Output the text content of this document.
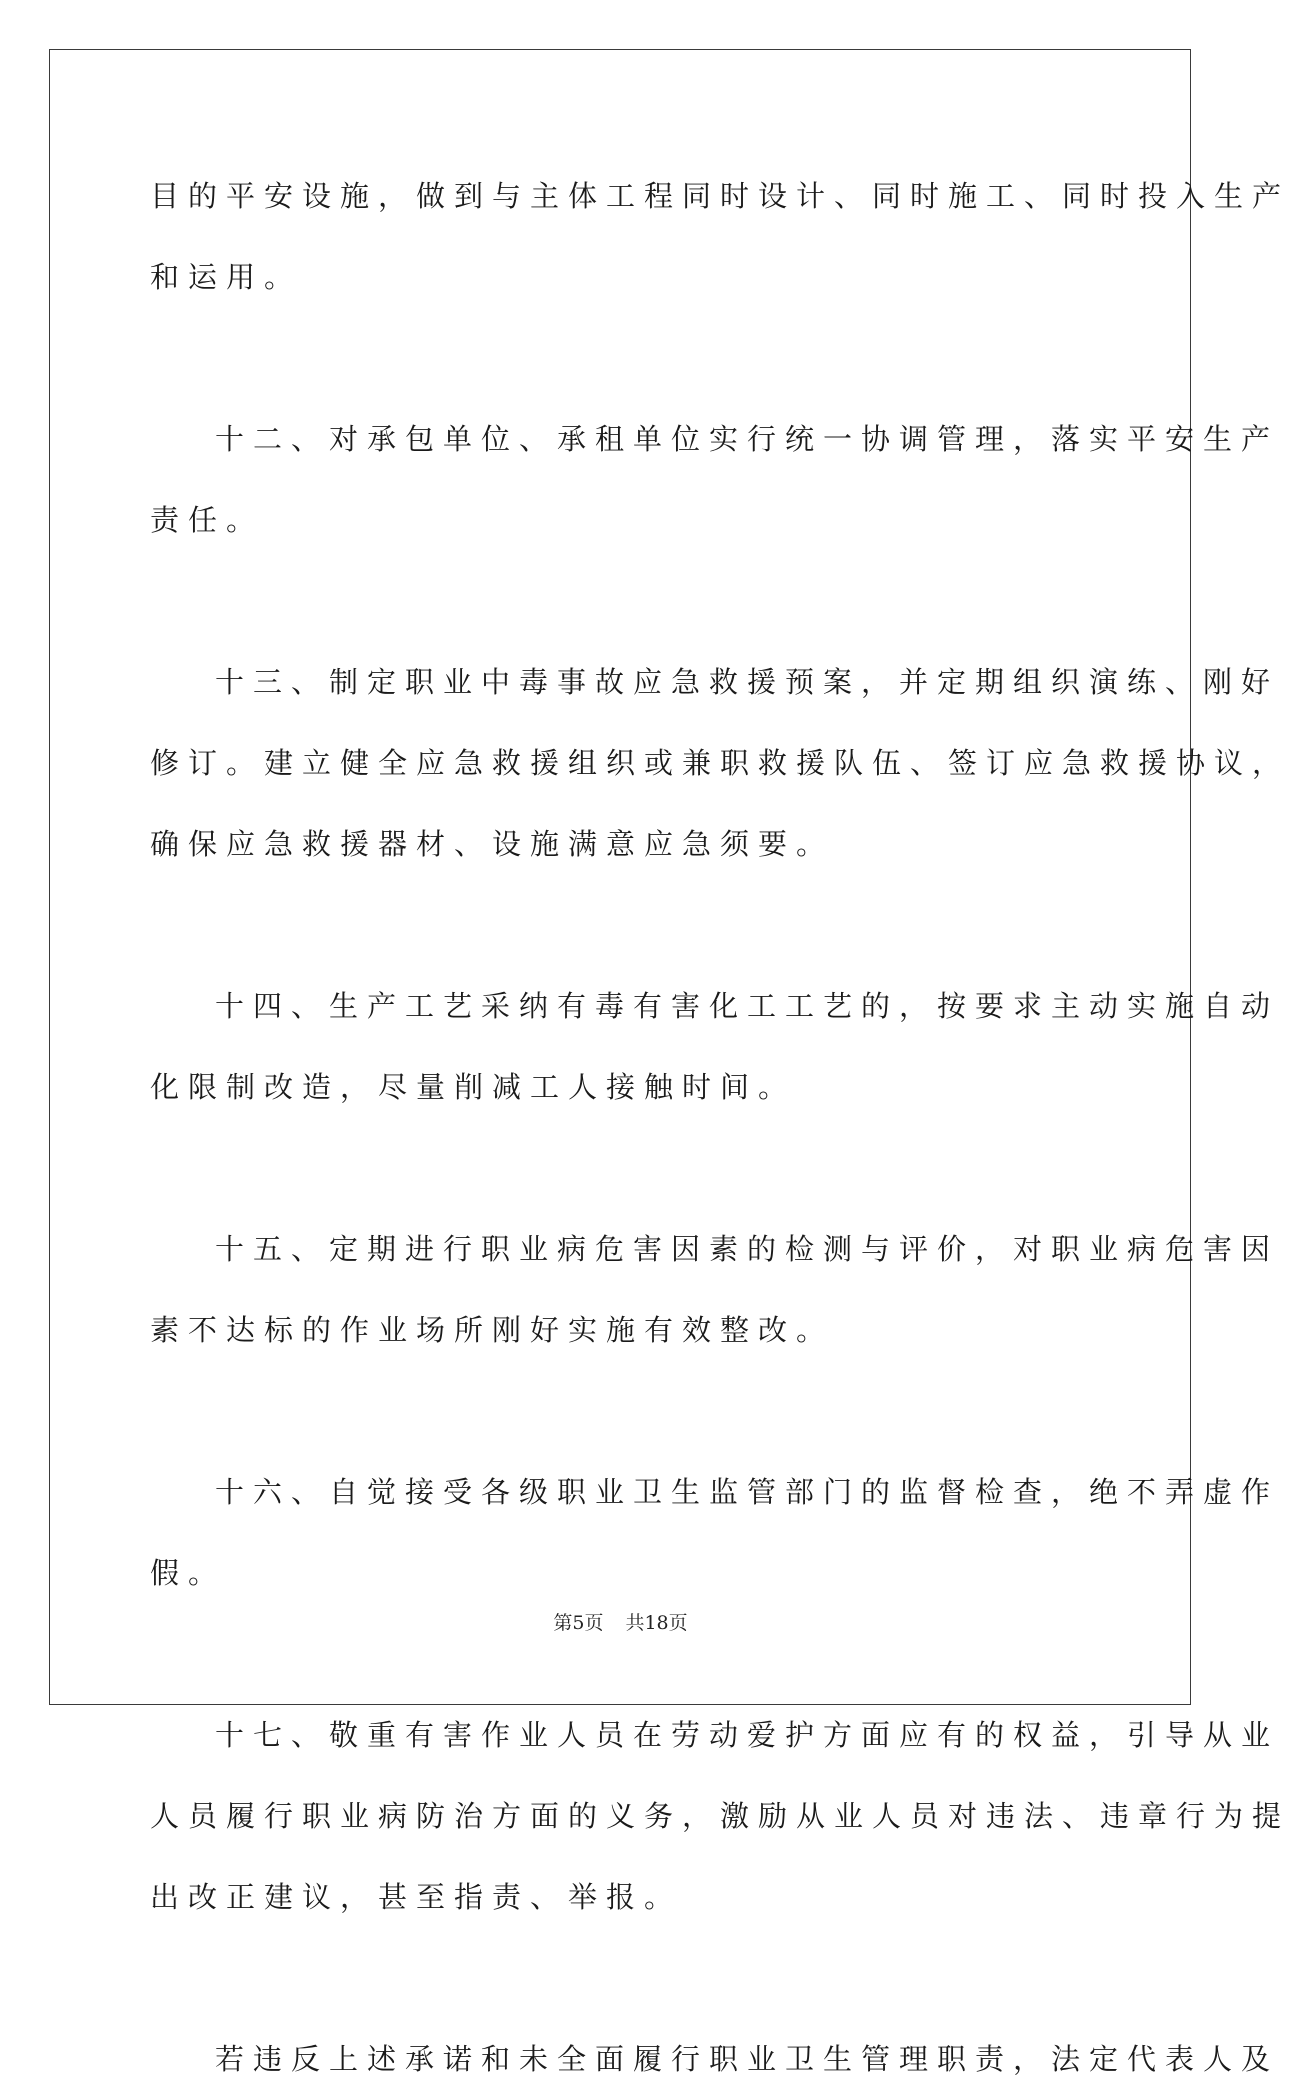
目的平安设施，做到与主体工程同时设计、同时施工、同时投入生产
和运用。
十二、对承包单位、承租单位实行统一协调管理，落实平安生产
责任。
十三、制定职业中毒事故应急救援预案，并定期组织演练、刚好
修订。建立健全应急救援组织或兼职救援队伍、签订应急救援协议，
确保应急救援器材、设施满意应急须要。
十四、生产工艺采纳有毒有害化工工艺的，按要求主动实施自动
化限制改造，尽量削减工人接触时间。
十五、定期进行职业病危害因素的检测与评价，对职业病危害因
素不达标的作业场所刚好实施有效整改。
十六、自觉接受各级职业卫生监管部门的监督检查，绝不弄虚作
假。
十七、敬重有害作业人员在劳动爱护方面应有的权益，引导从业
人员履行职业病防治方面的义务，激励从业人员对违法、违章行为提
出改正建议，甚至指责、举报。
若违反上述承诺和未全面履行职业卫生管理职责，法定代表人及
第5页 共18页
